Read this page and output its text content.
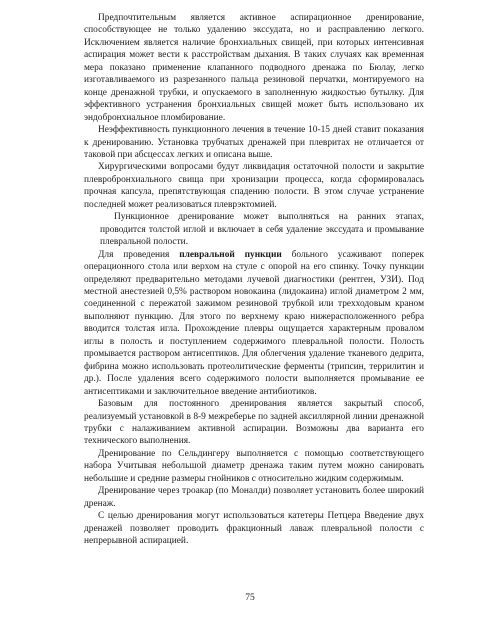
Предпочтительным является активное аспирационное дренирование, способствующее не только удалению экссудата, но и расправлению легкого. Исключением является наличие бронхиальных свищей, при которых интенсивная аспирация может вести к расстройствам дыхания. В таких случаях как временная мера показано применение клапанного подводного дренажа по Бюлау, легко изготавливаемого из разрезанного пальца резиновой перчатки, монтируемого на конце дренажной трубки, и опускаемого в заполненную жидкостью бутылку. Для эффективного устранения бронхиальных свищей может быть использовано их эндобронхиальное пломбирование.

Неэффективность пункционного лечения в течение 10-15 дней ставит показания к дренированию. Установка трубчатых дренажей при плевритах не отличается от таковой при абсцессах легких и описана выше.

Хирургическими вопросами будут ликвидация остаточной полости и закрытие плевробронхиального свища при хронизации процесса, когда сформировалась прочная капсула, препятствующая спадению полости. В этом случае устранение последней может реализоваться плеврэктомией.

Пункционное дренирование может выполняться на ранних этапах, проводится толстой иглой и включает в себя удаление экссудата и промывание плевральной полости.

Для проведения плевральной пункции больного усаживают поперек операционного стола или верхом на стуле с опорой на его спинку. Точку пункции определяют предварительно методами лучевой диагностики (рентген, УЗИ). Под местной анестезией 0,5% раствором новокаина (лидокаина) иглой диаметром 2 мм, соединенной с пережатой зажимом резиновой трубкой или трехходовым краном выполняют пункцию. Для этого по верхнему краю нижерасположенного ребра вводится толстая игла. Прохождение плевры ощущается характерным провалом иглы в полость и поступлением содержимого плевральной полости. Полость промывается раствором антисептиков. Для облегчения удаление тканевого дедрита, фибрина можно использовать протеолитические ферменты (трипсин, террилитин и др.). После удаления всего содержимого полости выполняется промывание ее антисептиками и заключительное введение антибиотиков.

Базовым для постоянного дренирования является закрытый способ, реализуемый установкой в 8-9 межреберье по задней аксиллярной линии дренажной трубки с налаживанием активной аспирации. Возможны два варианта его технического выполнения.

Дренирование по Сельдингеру выполняется с помощью соответствующего набора Учитывая небольшой диаметр дренажа таким путем можно санировать небольшие и средние размеры гнойников с относительно жидким содержимым.

Дренирование через троакар (по Моналди) позволяет установить более широкий дренаж.

С целью дренирования могут использоваться катетеры Петцера Введение двух дренажей позволяет проводить фракционный лаваж плевральной полости с непрерывной аспирацией.

75
